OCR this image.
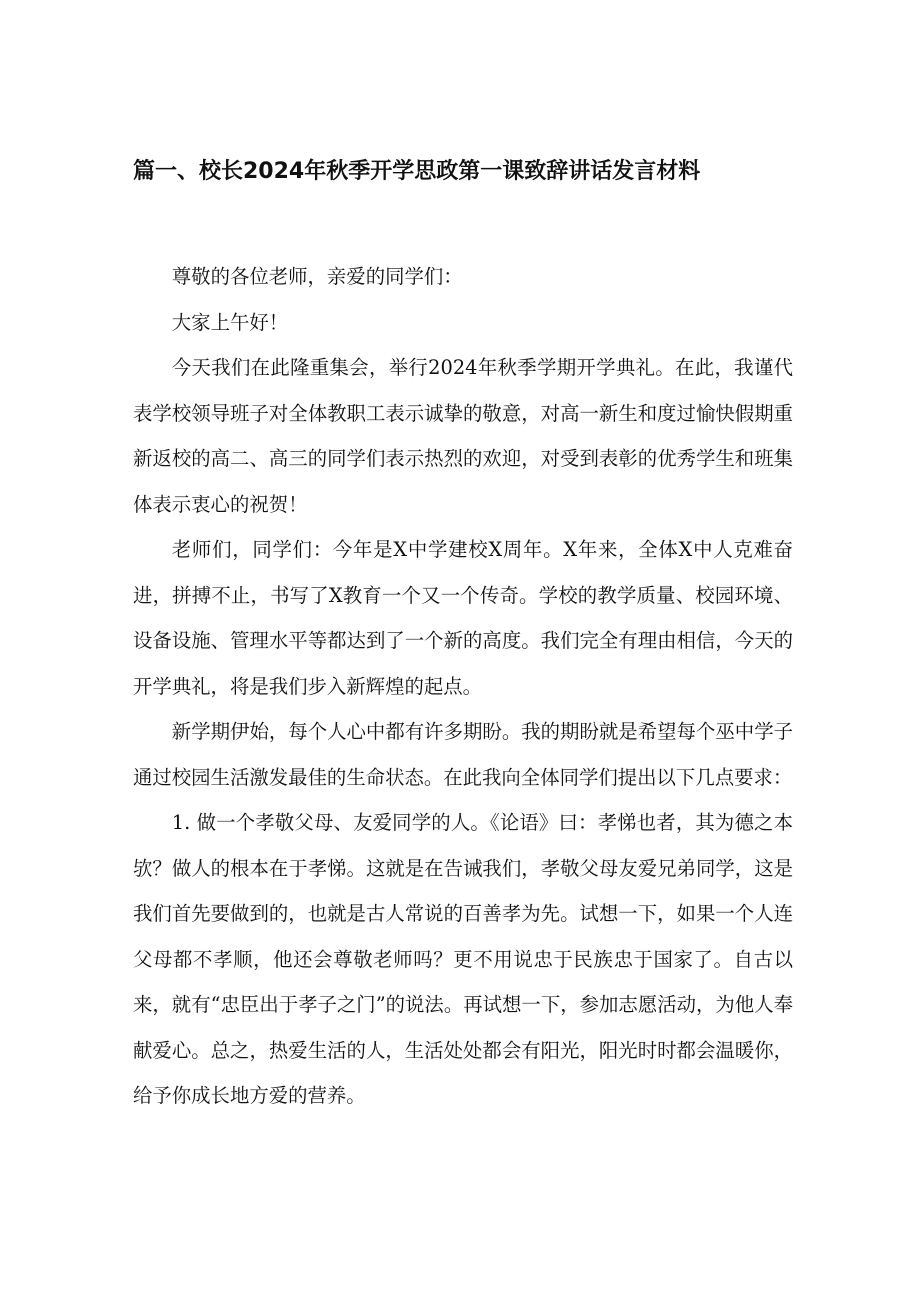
篇一、校长2024年秋季开学思政第一课致辞讲话发言材料

尊敬的各位老师，亲爱的同学们：

大家上午好！

今天我们在此隆重集会，举行2024年秋季学期开学典礼。在此，我谨代表学校领导班子对全体教职工表示诚挚的敬意，对高一新生和度过愉快假期重新返校的高二、高三的同学们表示热烈的欢迎，对受到表彰的优秀学生和班集体表示衷心的祝贺！

老师们，同学们：今年是X中学建校X周年。X年来，全体X中人克难奋进，拼搏不止，书写了X教育一个又一个传奇。学校的教学质量、校园环境、设备设施、管理水平等都达到了一个新的高度。我们完全有理由相信，今天的开学典礼，将是我们步入新辉煌的起点。

新学期伊始，每个人心中都有许多期盼。我的期盼就是希望每个巫中学子通过校园生活激发最佳的生命状态。在此我向全体同学们提出以下几点要求：

1. 做一个孝敬父母、友爱同学的人。《论语》曰：孝悌也者，其为德之本欤？做人的根本在于孝悌。这就是在告诫我们，孝敬父母友爱兄弟同学，这是我们首先要做到的，也就是古人常说的百善孝为先。试想一下，如果一个人连父母都不孝顺，他还会尊敬老师吗？更不用说忠于民族忠于国家了。自古以来，就有“忠臣出于孝子之门”的说法。再试想一下，参加志愿活动，为他人奉献爱心。总之，热爱生活的人，生活处处都会有阳光，阳光时时都会温暖你，给予你成长地方爱的营养。
